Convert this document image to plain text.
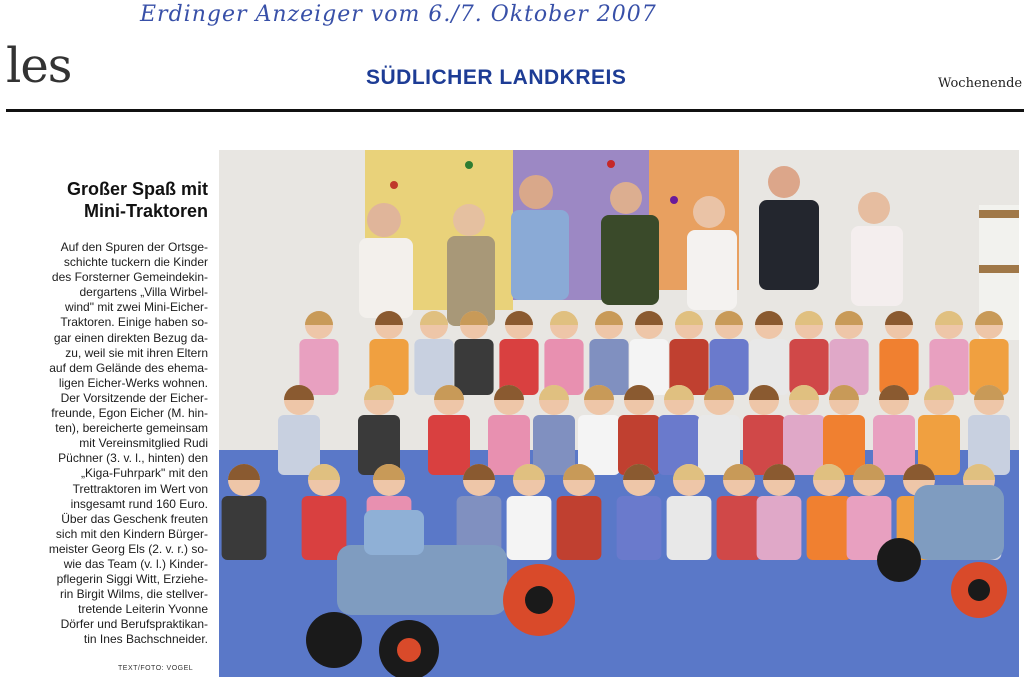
Erdinger Anzeiger vom 6./7. Oktober 2007
les	SÜDLICHER LANDKREIS	Wochenende
Großer Spaß mit
Mini-Traktoren

Auf den Spuren der Ortsge-
schichte tuckern die Kinder
des Forsterner Gemeindekin-
dergartens „Villa Wirbel-
wind" mit zwei Mini-Eicher-
Traktoren. Einige haben so-
gar einen direkten Bezug da-
zu, weil sie mit ihren Eltern
auf dem Gelände des ehema-
ligen Eicher-Werks wohnen.
Der Vorsitzende der Eicher-
freunde, Egon Eicher (M. hin-
ten), bereicherte gemeinsam
mit Vereinsmitglied Rudi
Püchner (3. v. l., hinten) den
„Kiga-Fuhrpark" mit den
Trettraktoren im Wert von
insgesamt rund 160 Euro.
Über das Geschenk freuten
sich mit den Kindern Bürger-
meister Georg Els (2. v. r.) so-
wie das Team (v. l.) Kinder-
pflegerin Siggi Witt, Erziehe-
rin Birgit Wilms, die stellver-
tretende Leiterin Yvonne
Dörfer und Berufspraktikan-
tin Ines Bachschneider.

TEXT/FOTO: VOGEL
